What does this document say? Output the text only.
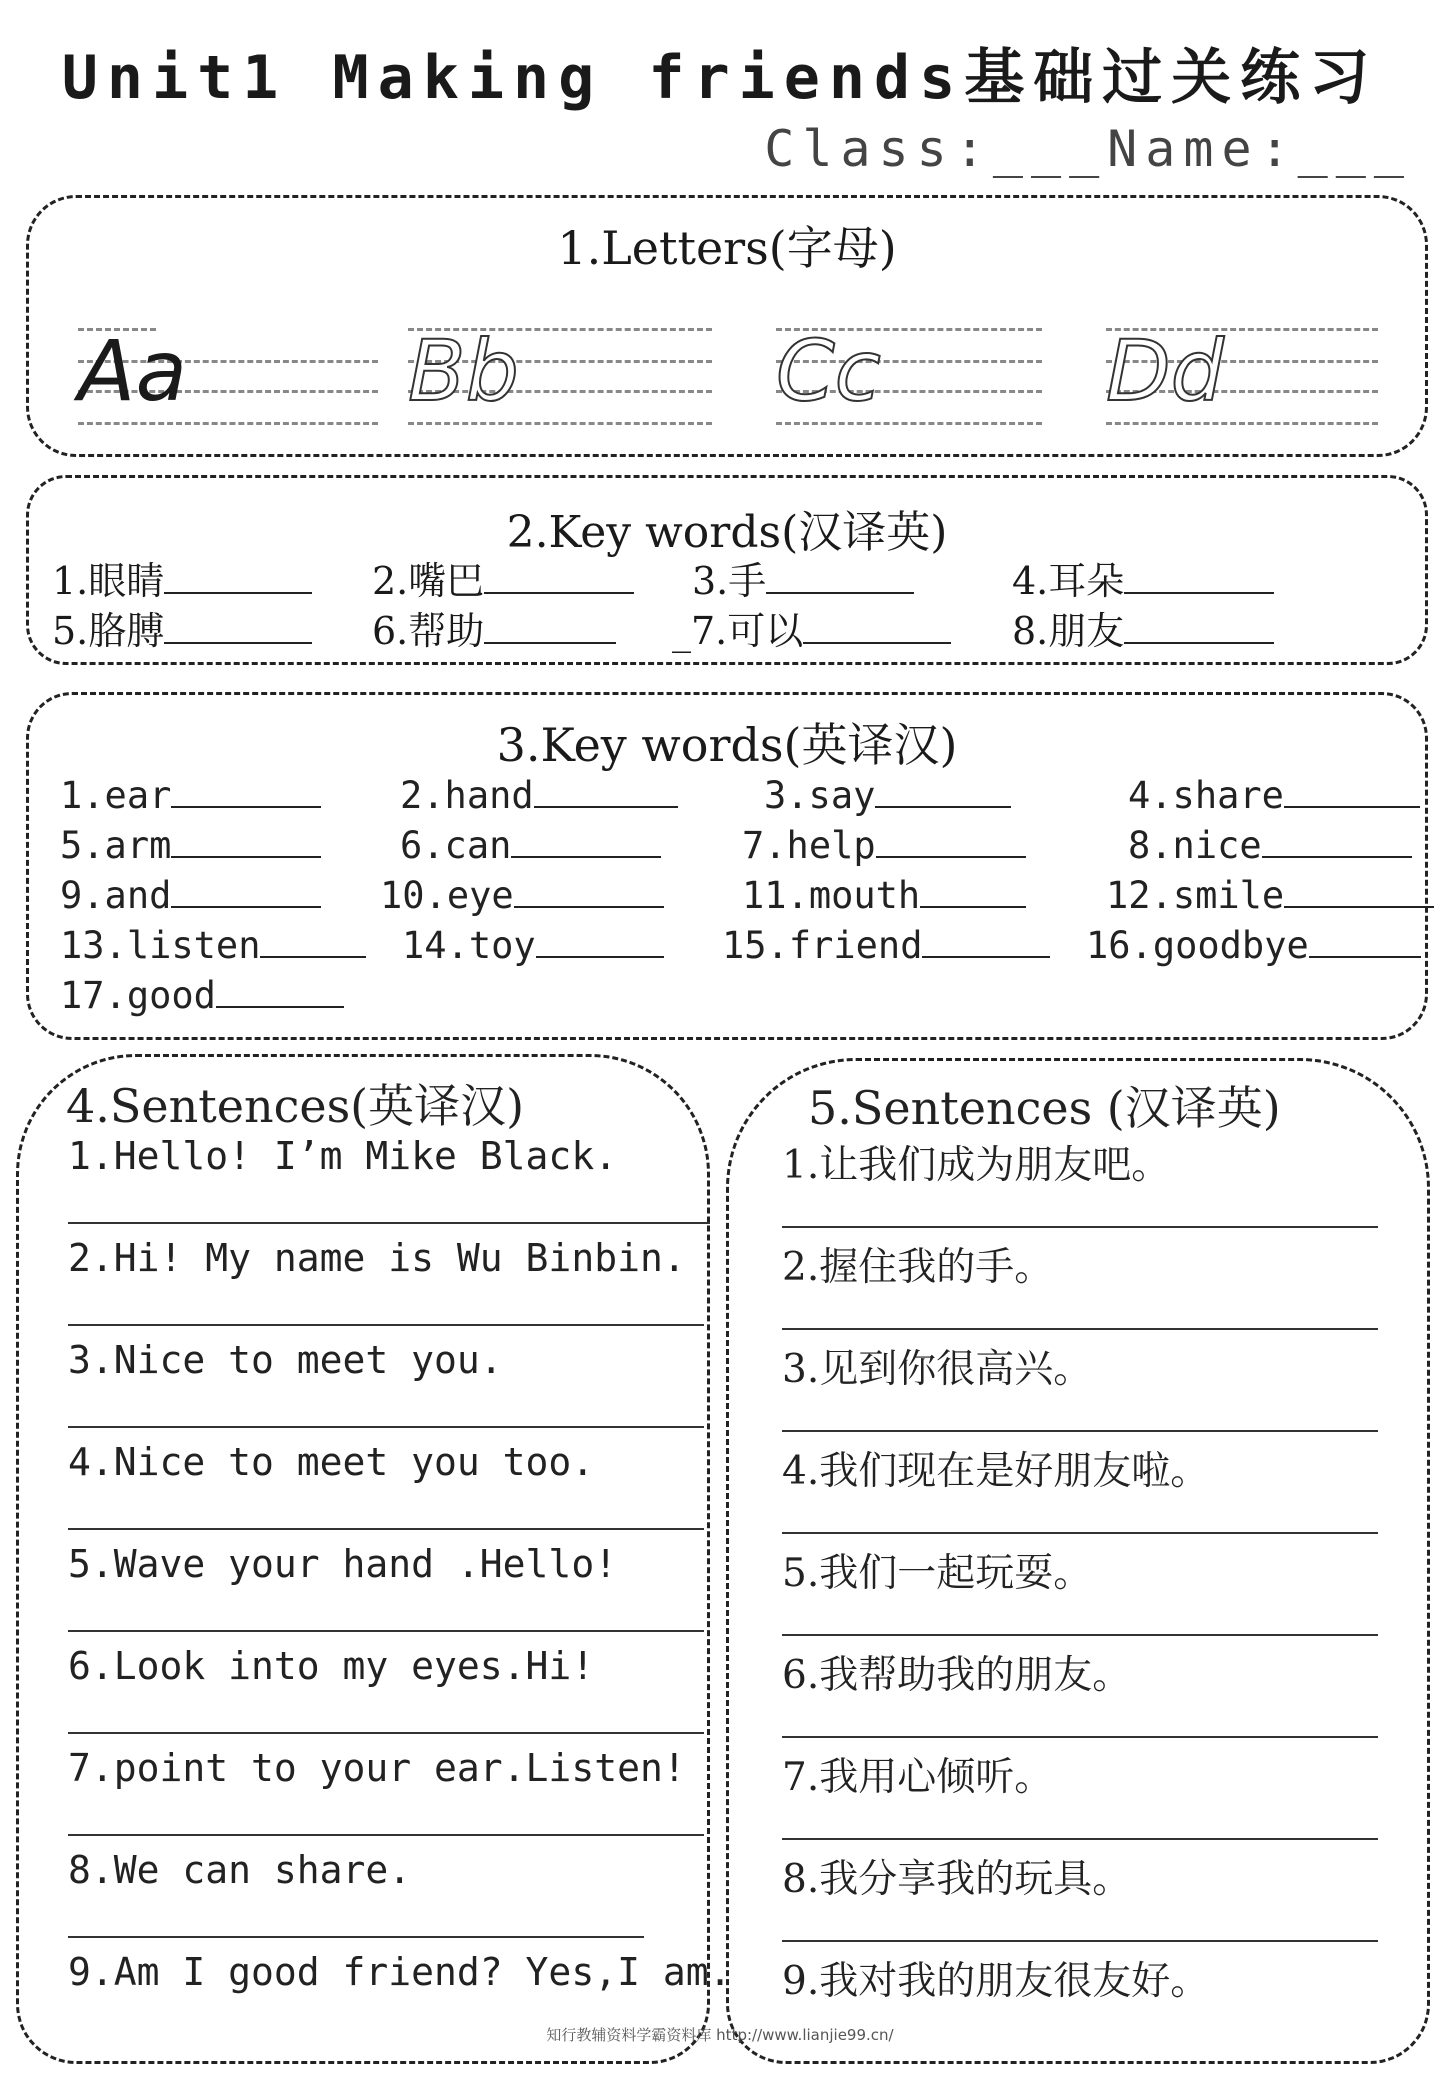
Unit1 Making friends基础过关练习
Class:___Name:___
1.Letters(字母)
Aa	Bb	Cc	Dd
2.Key words(汉译英)
1.眼睛	2.嘴巴	3.手	4.耳朵
5.胳膊	6.帮助	_7.可以	8.朋友
3.Key words(英译汉)
1.ear	2.hand	3.say	4.share
5.arm	6.can	7.help	8.nice
9.and	10.eye	11.mouth	12.smile
13.listen	14.toy	15.friend	16.goodbye
17.good
4.Sentences(英译汉)
1.Hello! I’m Mike Black.
2.Hi! My name is Wu Binbin.
3.Nice to meet you.
4.Nice to meet you too.
5.Wave your hand .Hello!
6.Look into my eyes.Hi!
7.point to your ear.Listen!
8.We can share.
9.Am I good friend? Yes,I am.
5.Sentences (汉译英)
1.让我们成为朋友吧。
2.握住我的手。
3.见到你很高兴。
4.我们现在是好朋友啦。
5.我们一起玩耍。
6.我帮助我的朋友。
7.我用心倾听。
8.我分享我的玩具。
9.我对我的朋友很友好。
知行教辅资料学霸资料库 http://www.lianjie99.cn/
